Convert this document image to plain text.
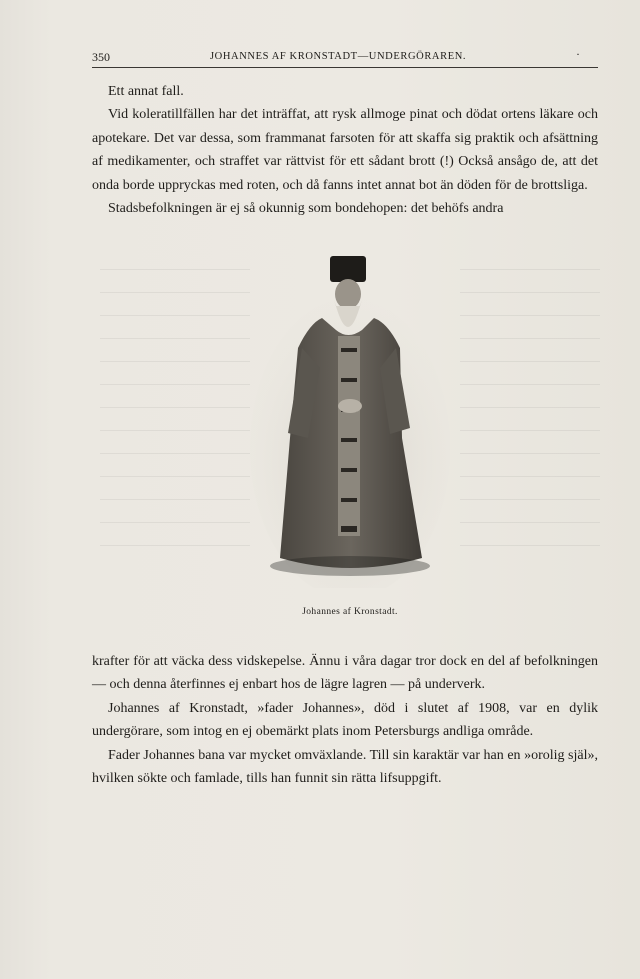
350	JOHANNES AF KRONSTADT—UNDERGÖRAREN.	·

Ett annat fall.

Vid koleratillfällen har det inträffat, att rysk allmoge pinat och dödat ortens läkare och apotekare. Det var dessa, som frammanat farsoten för att skaffa sig praktik och afsättning af medikamenter, och straffet var rättvist för ett sådant brott (!) Också ansågo de, att det onda borde uppryckas med roten, och då fanns intet annat bot än döden för de brottsliga.

Stadsbefolkningen är ej så okunnig som bondehopen: det behöfs andra

Johannes af Kronstadt.

krafter för att väcka dess vidskepelse. Ännu i våra dagar tror dock en del af befolkningen — och denna återfinnes ej enbart hos de lägre lagren — på underverk.

Johannes af Kronstadt, »fader Johannes», död i slutet af 1908, var en dylik undergörare, som intog en ej obemärkt plats inom Petersburgs andliga område.

Fader Johannes bana var mycket omväxlande. Till sin karaktär var han en »orolig själ», hvilken sökte och famlade, tills han funnit sin rätta lifsuppgift.
